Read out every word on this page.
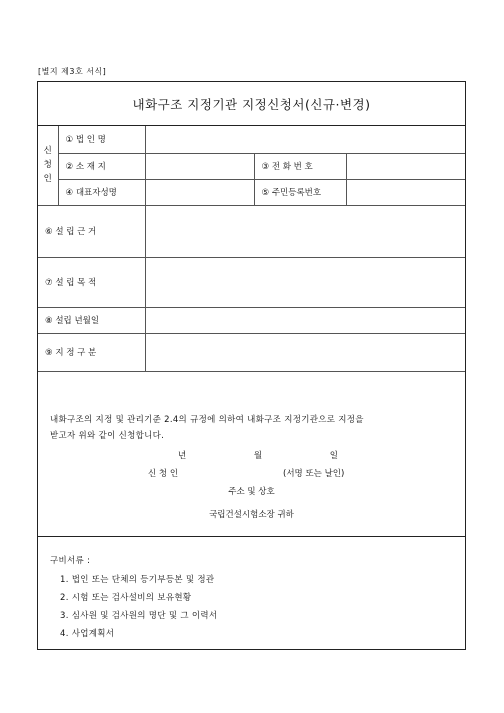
[별지 제3호 서식]
내화구조 지정기관 지정신청서(신규·변경)
신
청
인	① 법 인 명			
	② 소 재 지		③ 전 화 번 호	
	④ 대표자성명		⑤ 주민등록번호	
⑥ 설 립 근 거				
⑦ 설 립 목 적				
⑧ 설립 년월일				
⑨ 지 정 구 분				
내화구조의 지정 및 관리기준 2.4의 규정에 의하여 내화구조 지정기관으로 지정을
받고자 위와 같이 신청합니다.
년	월	일
신 청 인	(서명 또는 날인)
주소 및 상호
국립건설시험소장 귀하
구비서류 :
1. 법인 또는 단체의 등기부등본 및 정관
2. 시험 또는 검사설비의 보유현황
3. 심사원 및 검사원의 명단 및 그 이력서
4. 사업계획서
